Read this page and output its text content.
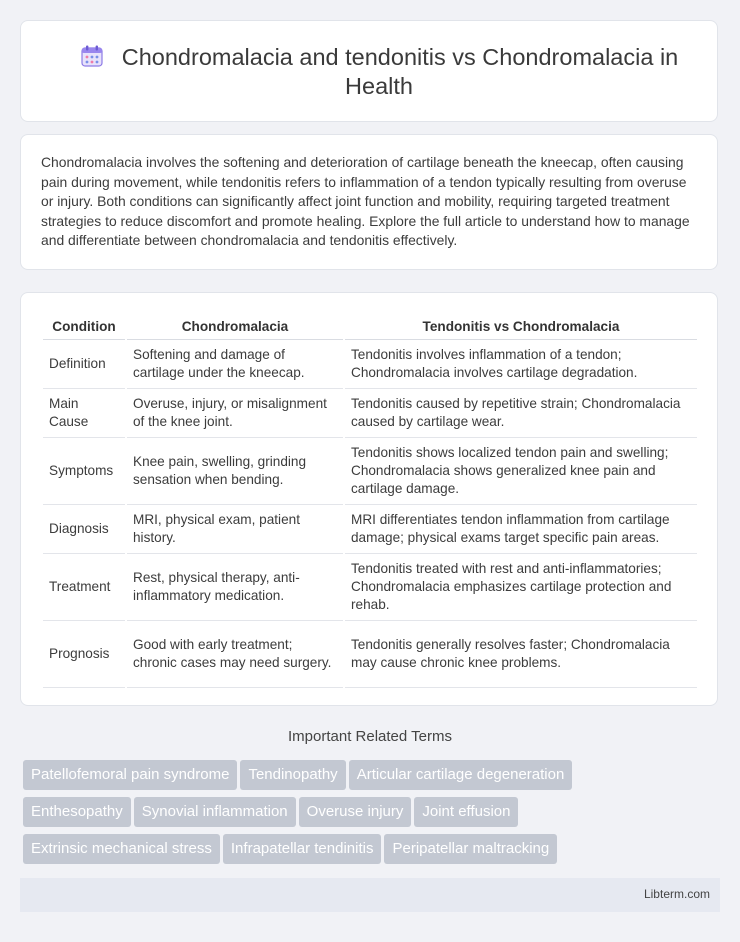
Chondromalacia and tendonitis vs Chondromalacia in Health
Chondromalacia involves the softening and deterioration of cartilage beneath the kneecap, often causing pain during movement, while tendonitis refers to inflammation of a tendon typically resulting from overuse or injury. Both conditions can significantly affect joint function and mobility, requiring targeted treatment strategies to reduce discomfort and promote healing. Explore the full article to understand how to manage and differentiate between chondromalacia and tendonitis effectively.
Condition	Chondromalacia	Tendonitis vs Chondromalacia
Definition	Softening and damage of cartilage under the kneecap.	Tendonitis involves inflammation of a tendon; Chondromalacia involves cartilage degradation.
Main Cause	Overuse, injury, or misalignment of the knee joint.	Tendonitis caused by repetitive strain; Chondromalacia caused by cartilage wear.
Symptoms	Knee pain, swelling, grinding sensation when bending.	Tendonitis shows localized tendon pain and swelling; Chondromalacia shows generalized knee pain and cartilage damage.
Diagnosis	MRI, physical exam, patient history.	MRI differentiates tendon inflammation from cartilage damage; physical exams target specific pain areas.
Treatment	Rest, physical therapy, anti-inflammatory medication.	Tendonitis treated with rest and anti-inflammatories; Chondromalacia emphasizes cartilage protection and rehab.
Prognosis	Good with early treatment; chronic cases may need surgery.	Tendonitis generally resolves faster; Chondromalacia may cause chronic knee problems.
Important Related Terms
Patellofemoral pain syndrome Tendinopathy Articular cartilage degeneration
Enthesopathy Synovial inflammation Overuse injury Joint effusion
Extrinsic mechanical stress Infrapatellar tendinitis Peripatellar maltracking
Libterm.com
